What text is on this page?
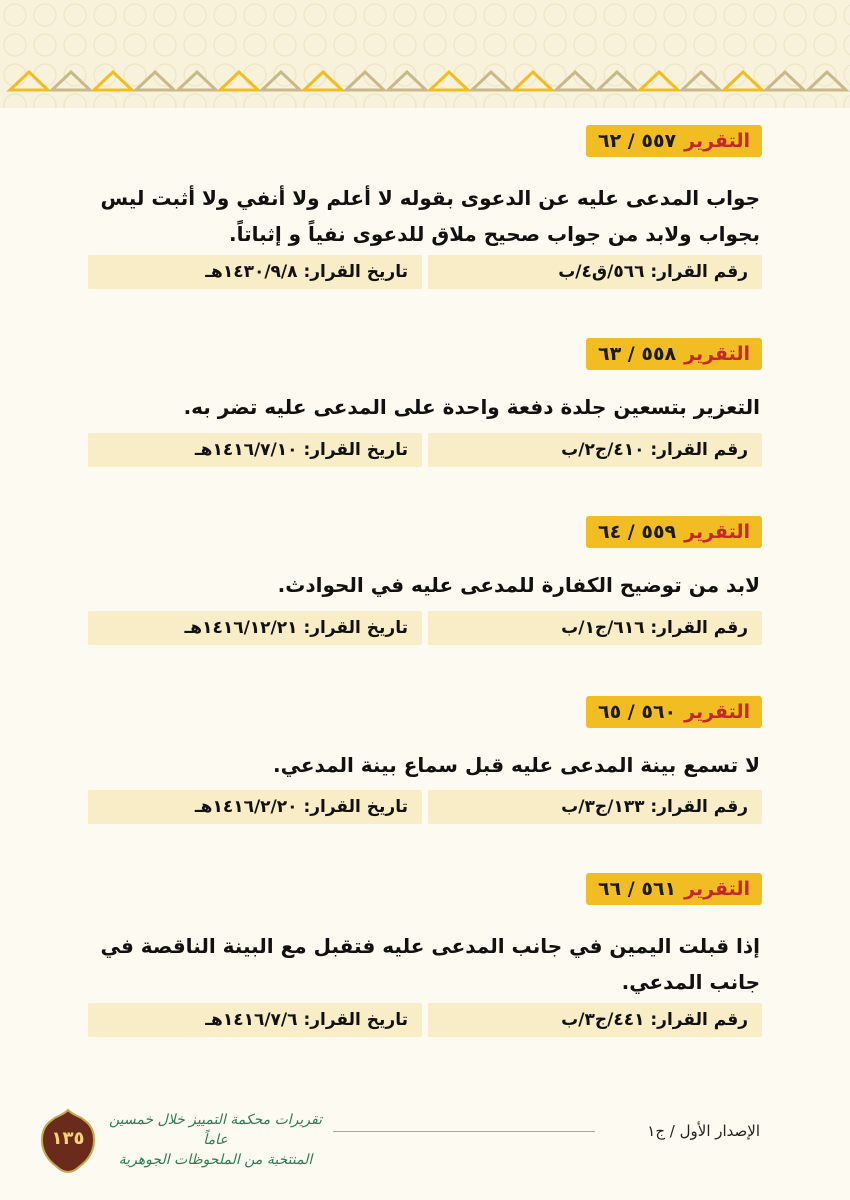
التقرير
٥٥٧ / ٦٢
جواب المدعى عليه عن الدعوى بقوله لا أعلم ولا أنفي ولا أثبت ليس بجواب ولابد من جواب صحيح ملاق للدعوى نفياً و إثباتاً.
رقم القرار: ٥٦٦/ق٤/ب
تاريخ القرار: ١٤٣٠/٩/٨هـ
التقرير
٥٥٨ / ٦٣
التعزير بتسعين جلدة دفعة واحدة على المدعى عليه تضر به.
رقم القرار: ٤١٠/ج٢/ب
تاريخ القرار: ١٤١٦/٧/١٠هـ
التقرير
٥٥٩ / ٦٤
لابد من توضيح الكفارة للمدعى عليه في الحوادث.
رقم القرار: ٦١٦/ج١/ب
تاريخ القرار: ١٤١٦/١٢/٢١هـ
التقرير
٥٦٠ / ٦٥
لا تسمع بينة المدعى عليه قبل سماع بينة المدعي.
رقم القرار: ١٣٣/ج٣/ب
تاريخ القرار: ١٤١٦/٢/٢٠هـ
التقرير
٥٦١ / ٦٦
إذا قبلت اليمين في جانب المدعى عليه فتقبل مع البينة الناقصة في جانب المدعي.
رقم القرار: ٤٤١/ج٣/ب
تاريخ القرار: ١٤١٦/٧/٦هـ
الإصدار الأول / ج١
تقريرات محكمة التمييز خلال خمسين عاماً
المنتخبة من الملحوظات الجوهرية
١٣٥
